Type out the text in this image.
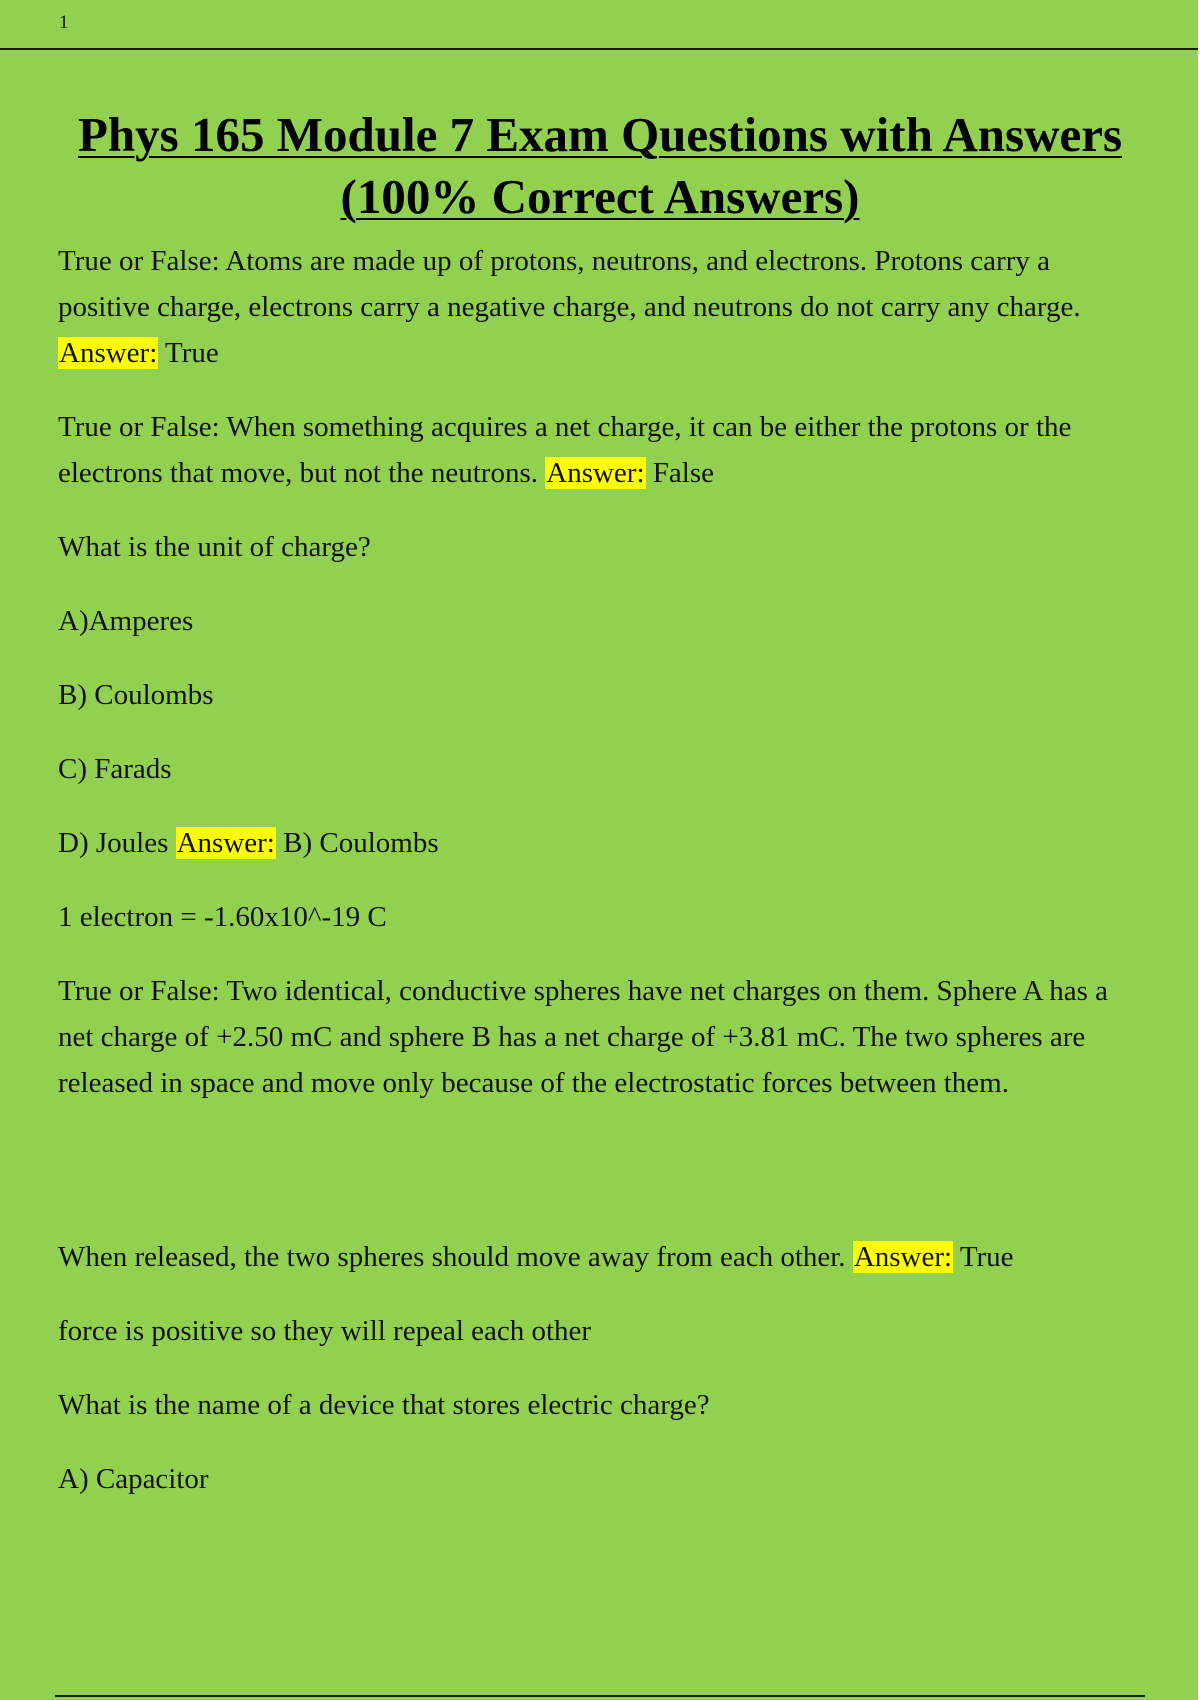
1
Phys 165 Module 7 Exam Questions with Answers (100% Correct Answers)

True or False: Atoms are made up of protons, neutrons, and electrons. Protons carry a positive charge, electrons carry a negative charge, and neutrons do not carry any charge. Answer: True

True or False: When something acquires a net charge, it can be either the protons or the electrons that move, but not the neutrons. Answer: False

What is the unit of charge?

A)Amperes

B) Coulombs

C) Farads

D) Joules Answer: B) Coulombs

1 electron = -1.60x10^-19 C

True or False: Two identical, conductive spheres have net charges on them. Sphere A has a net charge of +2.50 mC and sphere B has a net charge of +3.81 mC. The two spheres are released in space and move only because of the electrostatic forces between them.

When released, the two spheres should move away from each other. Answer: True

force is positive so they will repeal each other

What is the name of a device that stores electric charge?

A) Capacitor
